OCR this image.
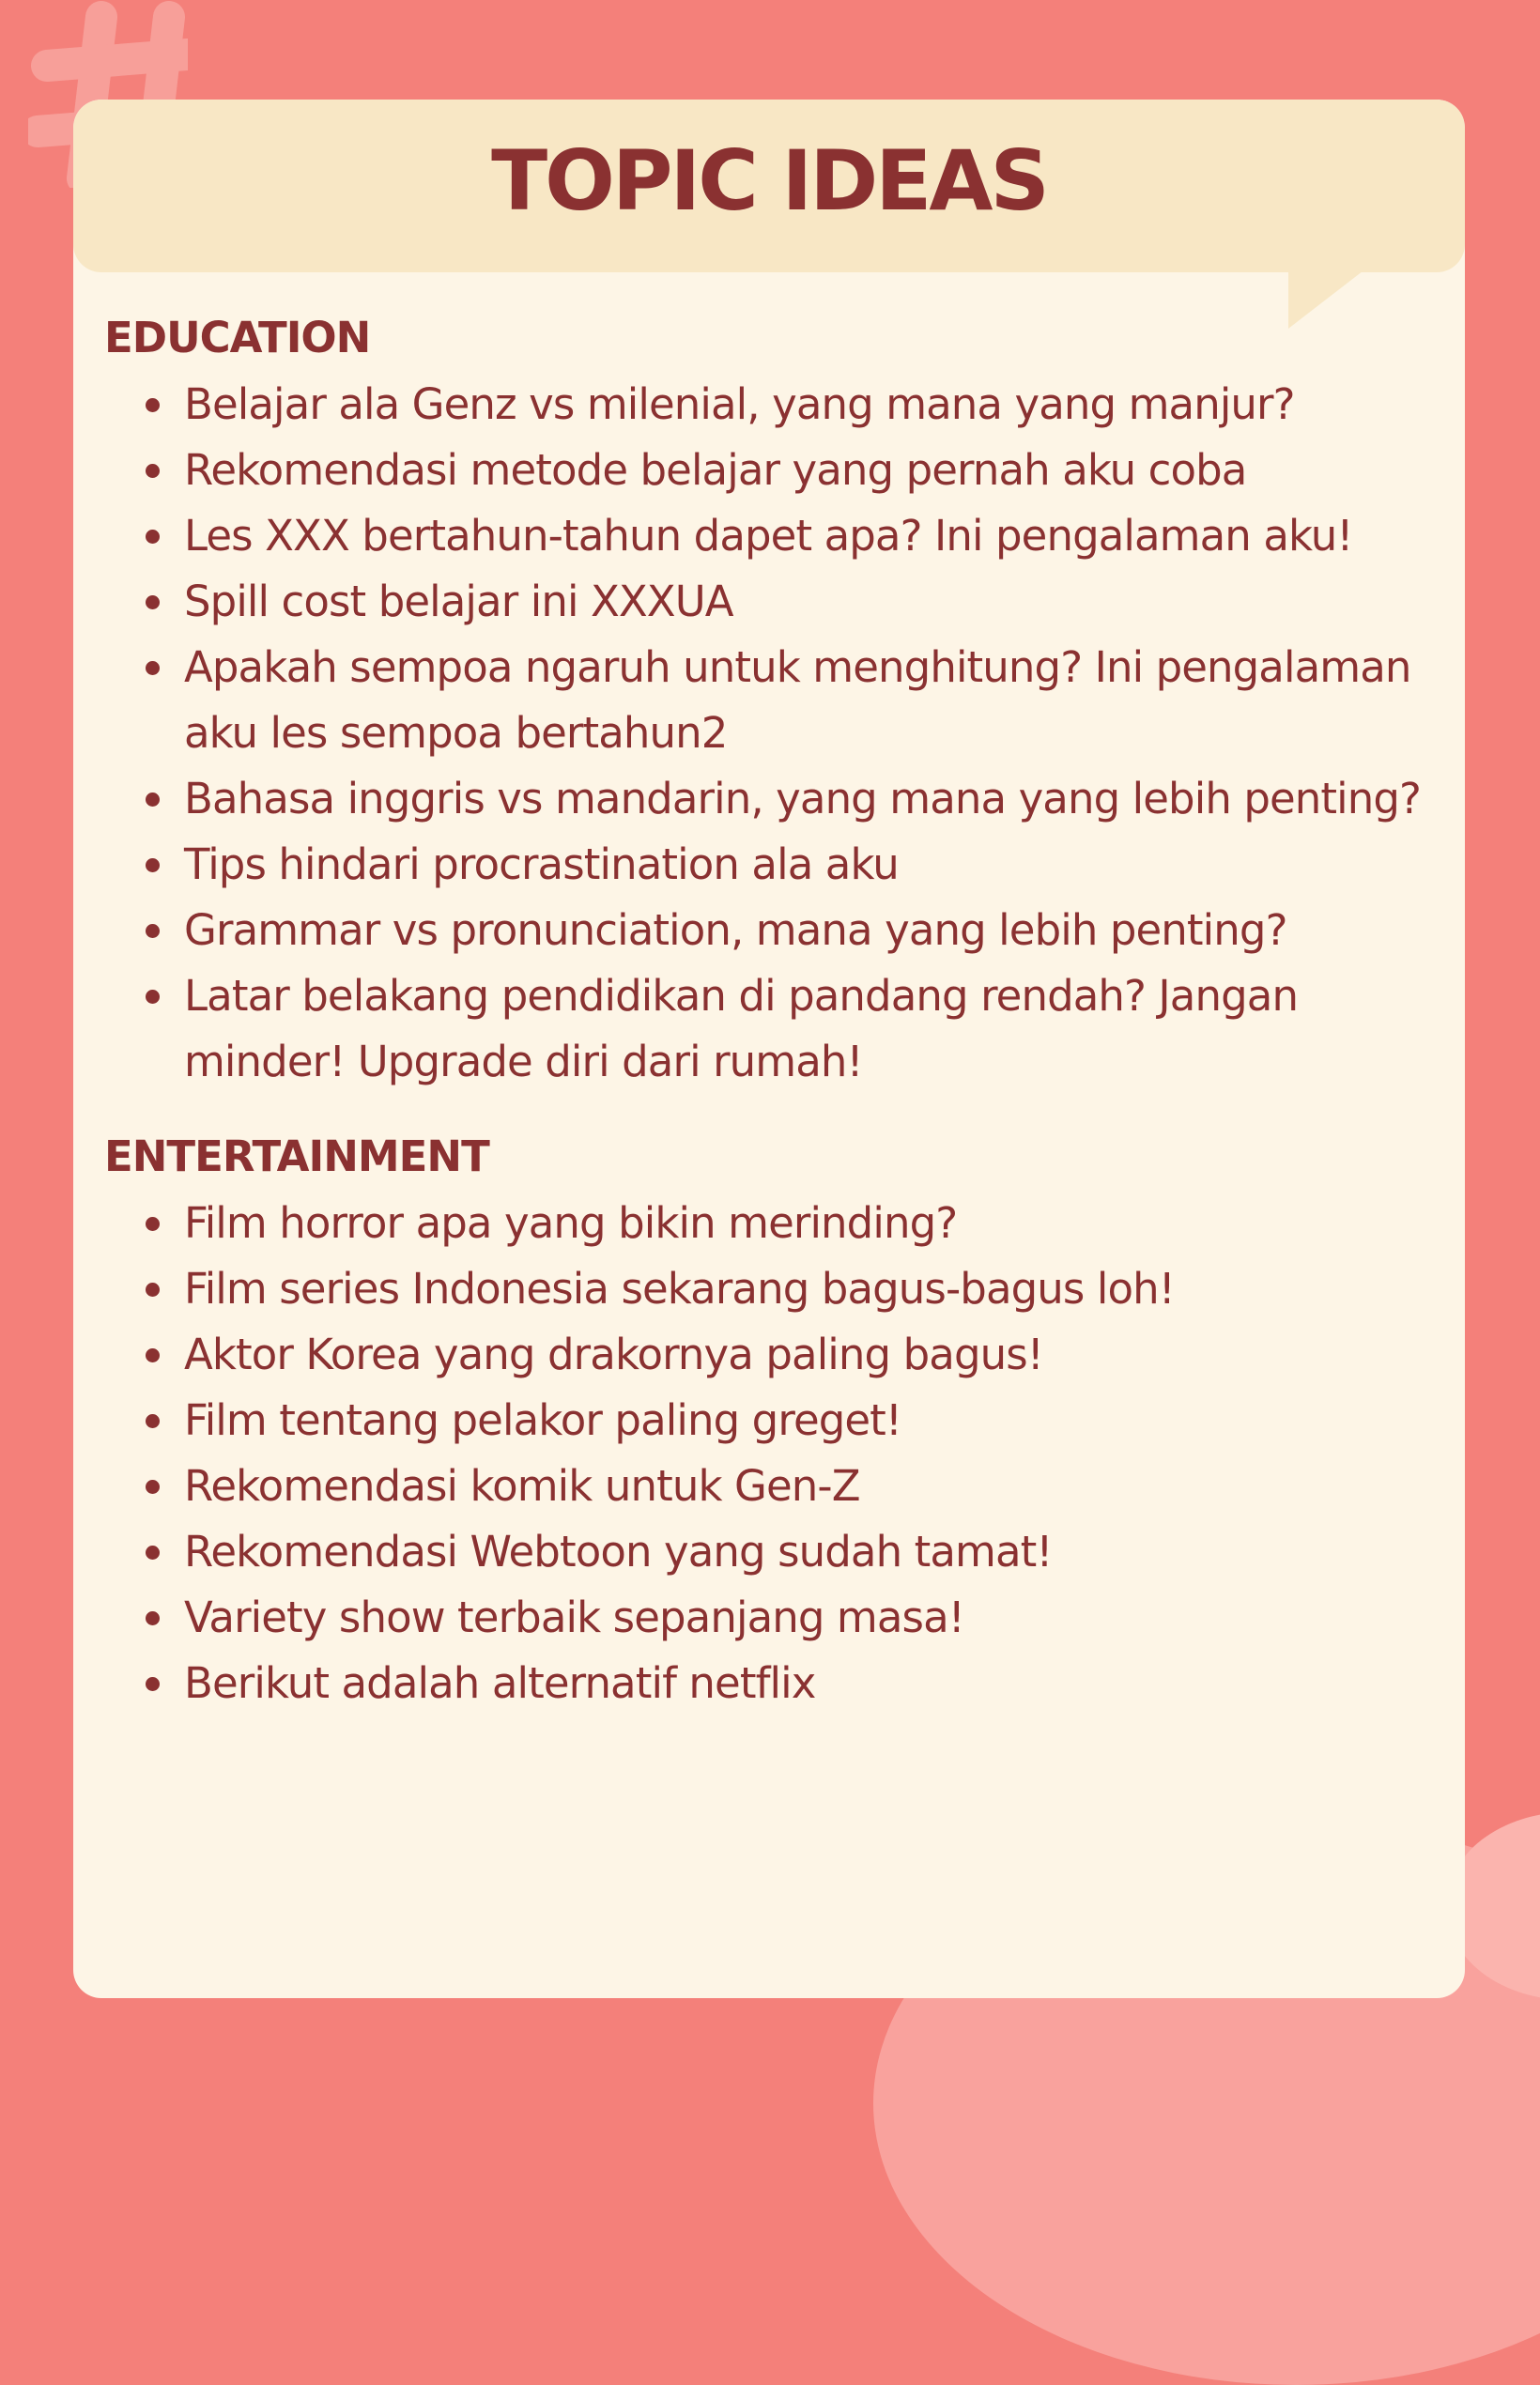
TOPIC IDEAS
EDUCATION
Belajar ala Genz vs milenial, yang mana yang manjur?
Rekomendasi metode belajar yang pernah aku coba
Les XXX bertahun-tahun dapet apa? Ini pengalaman aku!
Spill cost belajar ini XXXUA
Apakah sempoa ngaruh untuk menghitung? Ini pengalaman aku les sempoa bertahun2
Bahasa inggris vs mandarin, yang mana yang lebih penting?
Tips hindari procrastination ala aku
Grammar vs pronunciation, mana yang lebih penting?
Latar belakang pendidikan di pandang rendah? Jangan minder! Upgrade diri dari rumah!
ENTERTAINMENT
Film horror apa yang bikin merinding?
Film series Indonesia sekarang bagus-bagus loh!
Aktor Korea yang drakornya paling bagus!
Film tentang pelakor paling greget!
Rekomendasi komik untuk Gen-Z
Rekomendasi Webtoon yang sudah tamat!
Variety show terbaik sepanjang masa!
Berikut adalah alternatif netflix
